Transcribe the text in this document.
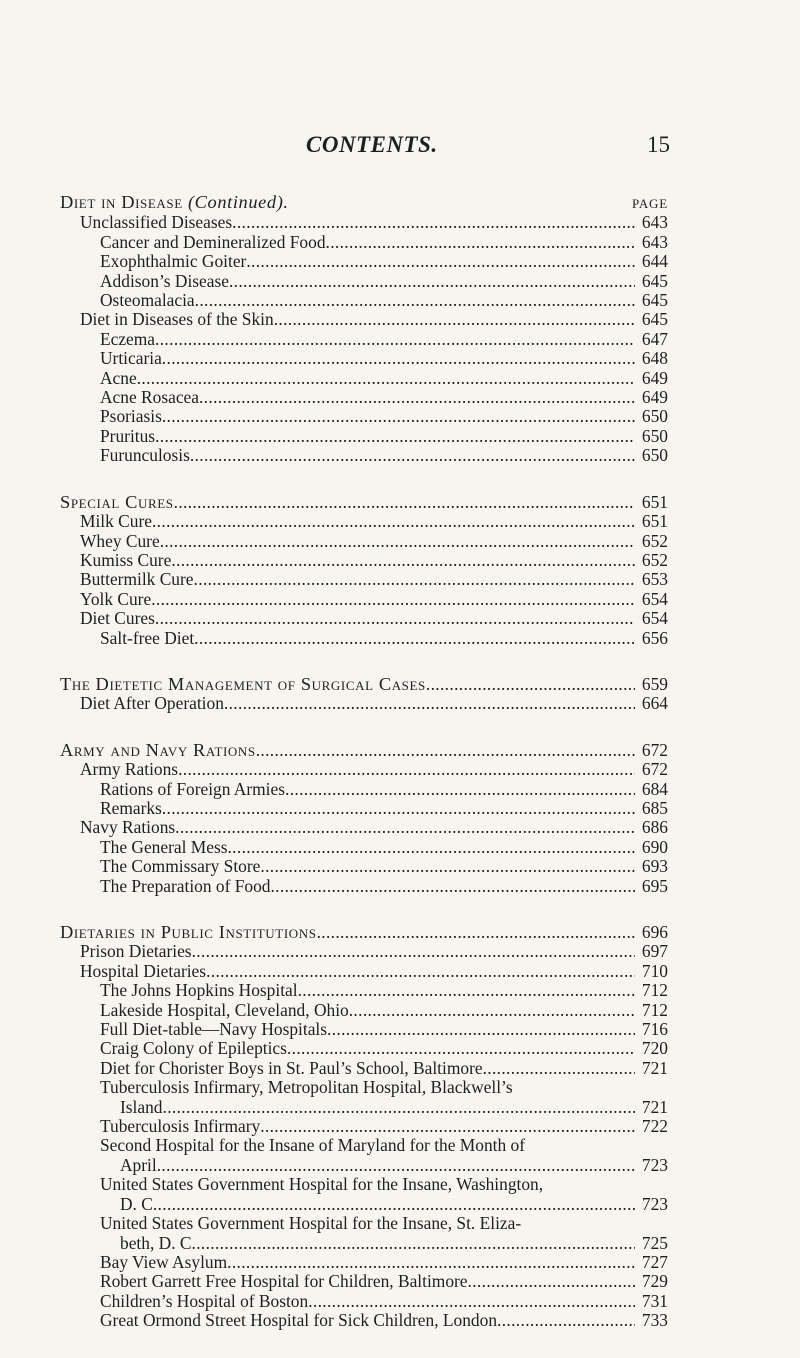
CONTENTS.	15
Diet in Disease (Continued).	PAGE
Unclassified Diseases . . .	643
Cancer and Demineralized Food . . .	643
Exophthalmic Goiter . . .	644
Addison’s Disease . . .	645
Osteomalacia . . .	645
Diet in Diseases of the Skin . . .	645
Eczema . . .	647
Urticaria . . .	648
Acne . . .	649
Acne Rosacea . . .	649
Psoriasis . . .	650
Pruritus . . .	650
Furunculosis . . .	650
Special Cures . . .	651
Milk Cure . . .	651
Whey Cure . . .	652
Kumiss Cure . . .	652
Buttermilk Cure . . .	653
Yolk Cure . . .	654
Diet Cures . . .	654
Salt-free Diet . . .	656
The Dietetic Management of Surgical Cases . . .	659
Diet After Operation . . .	664
Army and Navy Rations . . .	672
Army Rations . . .	672
Rations of Foreign Armies . . .	684
Remarks . . .	685
Navy Rations . . .	686
The General Mess . . .	690
The Commissary Store . . .	693
The Preparation of Food . . .	695
Dietaries in Public Institutions . . .	696
Prison Dietaries . . .	697
Hospital Dietaries . . .	710
The Johns Hopkins Hospital . . .	712
Lakeside Hospital, Cleveland, Ohio . . .	712
Full Diet-table—Navy Hospitals . . .	716
Craig Colony of Epileptics . . .	720
Diet for Chorister Boys in St. Paul’s School, Baltimore . . .	721
Tuberculosis Infirmary, Metropolitan Hospital, Blackwell’s
Island . . .	721
Tuberculosis Infirmary . . .	722
Second Hospital for the Insane of Maryland for the Month of
April . . .	723
United States Government Hospital for the Insane, Washington,
D. C . . .	723
United States Government Hospital for the Insane, St. Eliza-
beth, D. C . . .	725
Bay View Asylum . . .	727
Robert Garrett Free Hospital for Children, Baltimore . . .	729
Children’s Hospital of Boston . . .	731
Great Ormond Street Hospital for Sick Children, London . . .	733
